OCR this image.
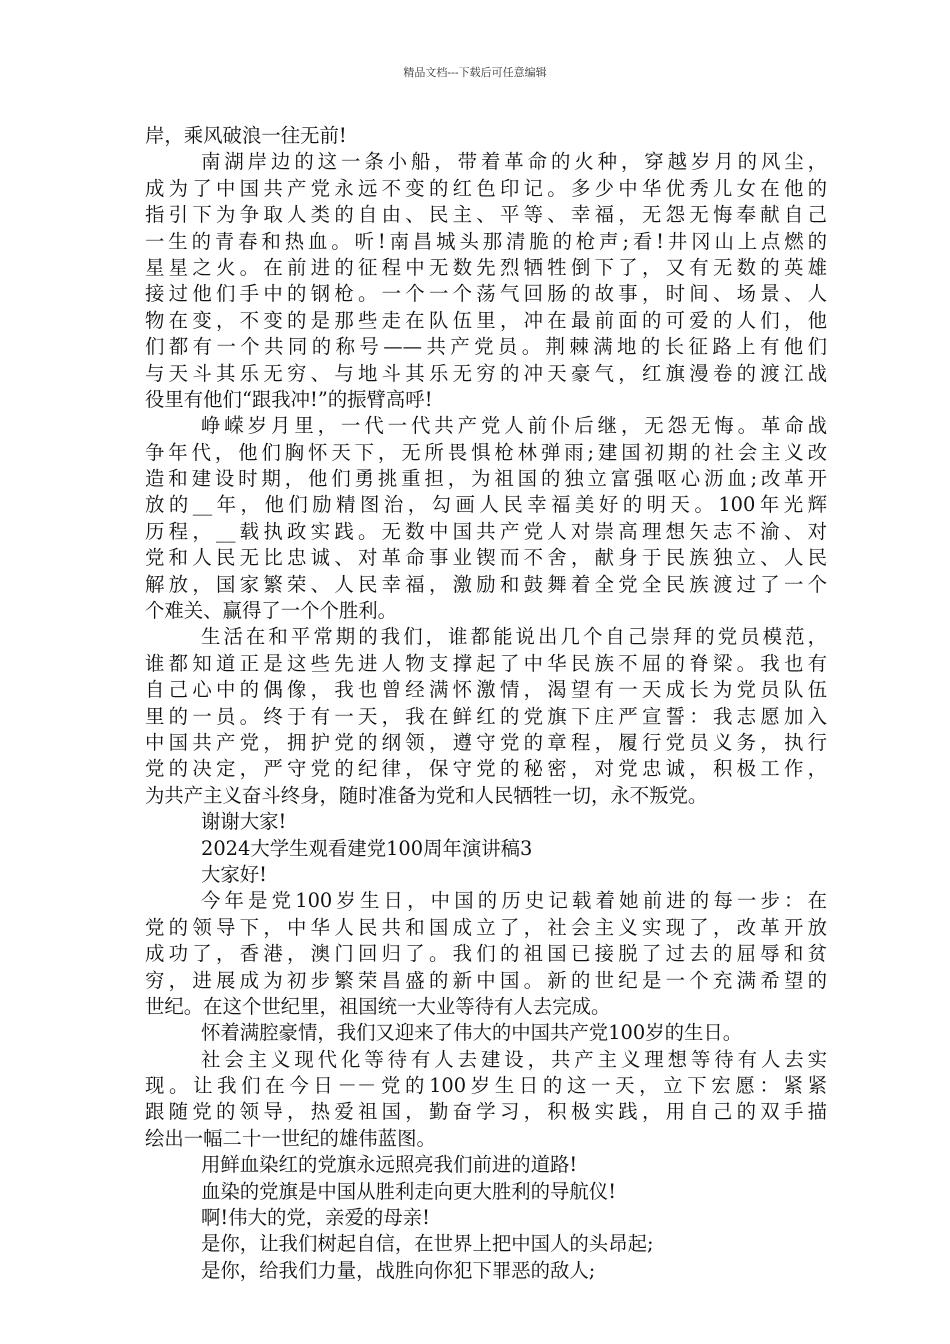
精品文档---下载后可任意编辑
岸，乘风破浪一往无前!
南湖岸边的这一条小船，带着革命的火种，穿越岁月的风尘，
成为了中国共产党永远不变的红色印记。多少中华优秀儿女在他的
指引下为争取人类的自由、民主、平等、幸福，无怨无悔奉献自己
一生的青春和热血。听!南昌城头那清脆的枪声;看!井冈山上点燃的
星星之火。在前进的征程中无数先烈牺牲倒下了，又有无数的英雄
接过他们手中的钢枪。一个一个荡气回肠的故事，时间、场景、人
物在变，不变的是那些走在队伍里，冲在最前面的可爱的人们，他
们都有一个共同的称号——共产党员。荆棘满地的长征路上有他们
与天斗其乐无穷、与地斗其乐无穷的冲天豪气，红旗漫卷的渡江战
役里有他们“跟我冲!”的振臂高呼!
峥嵘岁月里，一代一代共产党人前仆后继，无怨无悔。革命战
争年代，他们胸怀天下，无所畏惧枪林弹雨;建国初期的社会主义改
造和建设时期，他们勇挑重担，为祖国的独立富强呕心沥血;改革开
放的__年，他们励精图治，勾画人民幸福美好的明天。100年光辉
历程，__载执政实践。无数中国共产党人对崇高理想矢志不渝、对
党和人民无比忠诚、对革命事业锲而不舍，献身于民族独立、人民
解放，国家繁荣、人民幸福，激励和鼓舞着全党全民族渡过了一个
个难关、赢得了一个个胜利。
生活在和平常期的我们，谁都能说出几个自己崇拜的党员模范，
谁都知道正是这些先进人物支撑起了中华民族不屈的脊梁。我也有
自己心中的偶像，我也曾经满怀激情，渴望有一天成长为党员队伍
里的一员。终于有一天，我在鲜红的党旗下庄严宣誓：我志愿加入
中国共产党，拥护党的纲领，遵守党的章程，履行党员义务，执行
党的决定，严守党的纪律，保守党的秘密，对党忠诚，积极工作，
为共产主义奋斗终身，随时准备为党和人民牺牲一切，永不叛党。
谢谢大家!
2024大学生观看建党100周年演讲稿3
大家好!
今年是党100岁生日，中国的历史记载着她前进的每一步：在
党的领导下，中华人民共和国成立了，社会主义实现了，改革开放
成功了，香港，澳门回归了。我们的祖国已接脱了过去的屈辱和贫
穷，进展成为初步繁荣昌盛的新中国。新的世纪是一个充满希望的
世纪。在这个世纪里，祖国统一大业等待有人去完成。
怀着满腔豪情，我们又迎来了伟大的中国共产党100岁的生日。
社会主义现代化等待有人去建设，共产主义理想等待有人去实
现。让我们在今日－－党的100岁生日的这一天，立下宏愿：紧紧
跟随党的领导，热爱祖国，勤奋学习，积极实践，用自己的双手描
绘出一幅二十一世纪的雄伟蓝图。
用鲜血染红的党旗永远照亮我们前进的道路!
血染的党旗是中国从胜利走向更大胜利的导航仪!
啊!伟大的党，亲爱的母亲!
是你，让我们树起自信，在世界上把中国人的头昂起;
是你，给我们力量，战胜向你犯下罪恶的敌人;
